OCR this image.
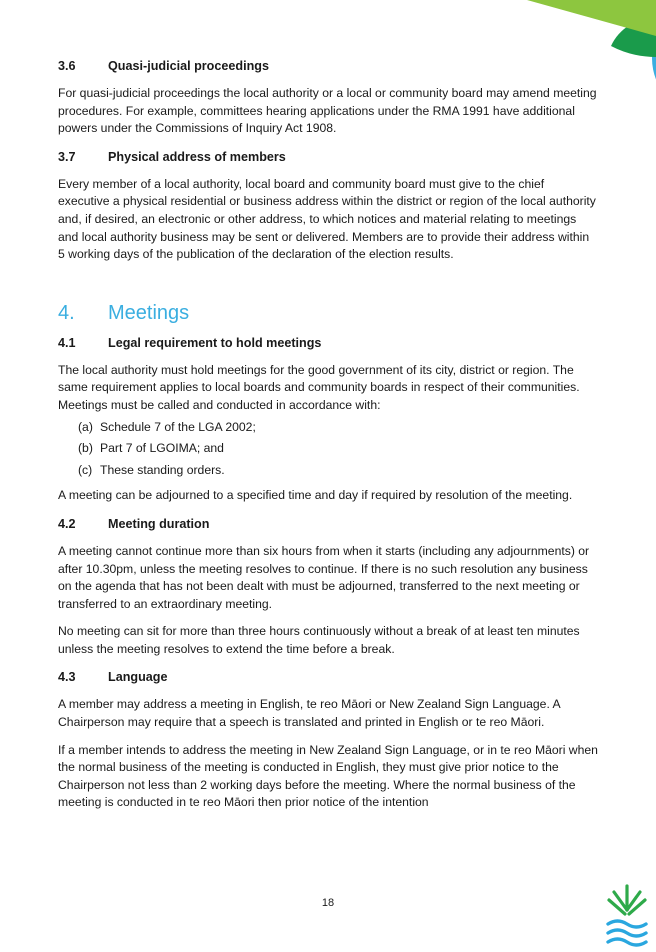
3.6	Quasi-judicial proceedings

For quasi-judicial proceedings the local authority or a local or community board may amend meeting procedures. For example, committees hearing applications under the RMA 1991 have additional powers under the Commissions of Inquiry Act 1908.

3.7	Physical address of members

Every member of a local authority, local board and community board must give to the chief executive a physical residential or business address within the district or region of the local authority and, if desired, an electronic or other address, to which notices and material relating to meetings and local authority business may be sent or delivered. Members are to provide their address within 5 working days of the publication of the declaration of the election results.

4.	Meetings
4.1	Legal requirement to hold meetings

The local authority must hold meetings for the good government of its city, district or region. The same requirement applies to local boards and community boards in respect of their communities. Meetings must be called and conducted in accordance with:

(a) Schedule 7 of the LGA 2002;
(b) Part 7 of LGOIMA; and
(c) These standing orders.

A meeting can be adjourned to a specified time and day if required by resolution of the meeting.

4.2	Meeting duration

A meeting cannot continue more than six hours from when it starts (including any adjournments) or after 10.30pm, unless the meeting resolves to continue. If there is no such resolution any business on the agenda that has not been dealt with must be adjourned, transferred to the next meeting or transferred to an extraordinary meeting.

No meeting can sit for more than three hours continuously without a break of at least ten minutes unless the meeting resolves to extend the time before a break.

4.3	Language

A member may address a meeting in English, te reo Māori or New Zealand Sign Language. A Chairperson may require that a speech is translated and printed in English or te reo Māori.

If a member intends to address the meeting in New Zealand Sign Language, or in te reo Māori when the normal business of the meeting is conducted in English, they must give prior notice to the Chairperson not less than 2 working days before the meeting. Where the normal business of the meeting is conducted in te reo Māori then prior notice of the intention

18
